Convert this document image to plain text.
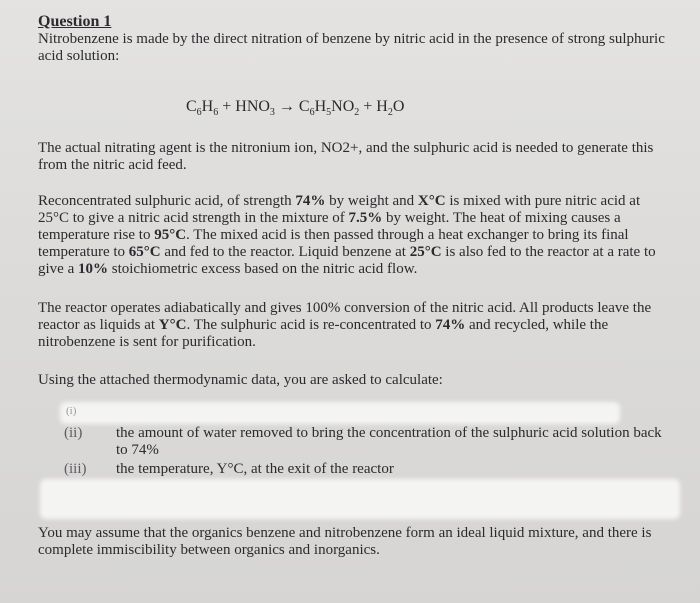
Question 1
Nitrobenzene is made by the direct nitration of benzene by nitric acid in the presence of strong sulphuric acid solution:
$C_6H_6 + HNO_3 \to C_6H_5NO_2 + H_2O$
The actual nitrating agent is the nitronium ion, NO2+, and the sulphuric acid is needed to generate this from the nitric acid feed.
Reconcentrated sulphuric acid, of strength 74% by weight and X°C is mixed with pure nitric acid at 25°C to give a nitric acid strength in the mixture of 7.5% by weight. The heat of mixing causes a temperature rise to 95°C. The mixed acid is then passed through a heat exchanger to bring its final temperature to 65°C and fed to the reactor. Liquid benzene at 25°C is also fed to the reactor at a rate to give a 10% stoichiometric excess based on the nitric acid flow.
The reactor operates adiabatically and gives 100% conversion of the nitric acid. All products leave the reactor as liquids at Y°C. The sulphuric acid is re-concentrated to 74% and recycled, while the nitrobenzene is sent for purification.
Using the attached thermodynamic data, you are asked to calculate:
(i)
(ii) the amount of water removed to bring the concentration of the sulphuric acid solution back to 74%
(iii) the temperature, Y°C, at the exit of the reactor
You may assume that the organics benzene and nitrobenzene form an ideal liquid mixture, and there is complete immiscibility between organics and inorganics.
